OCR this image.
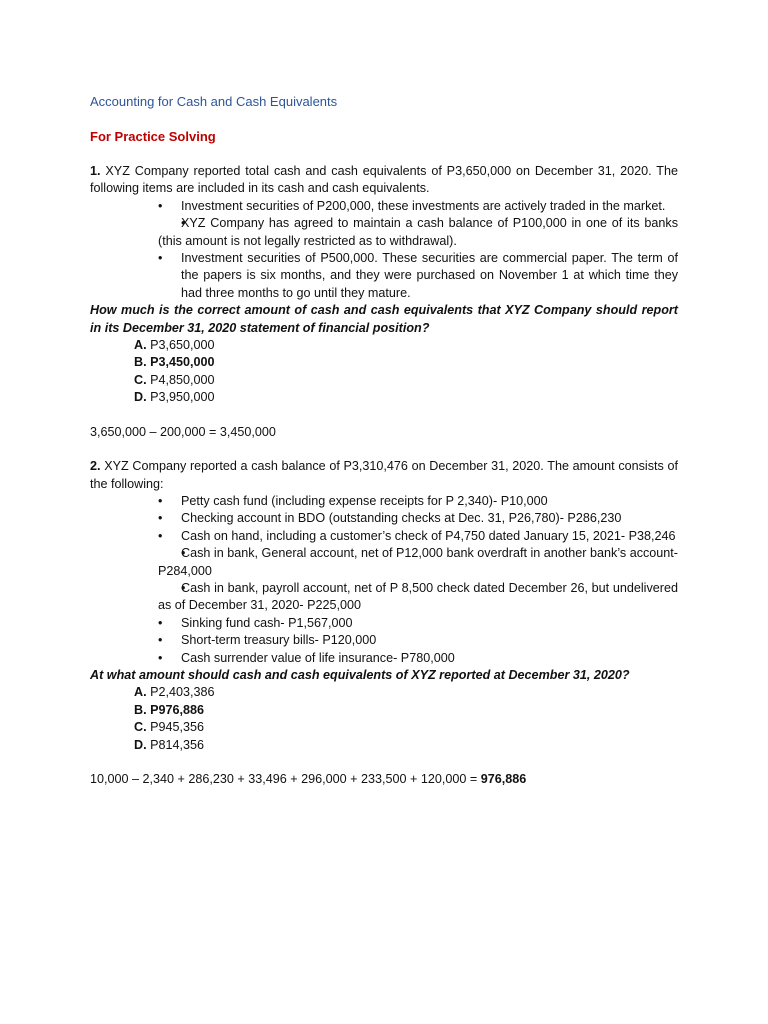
Accounting for Cash and Cash Equivalents
For Practice Solving
1. XYZ Company reported total cash and cash equivalents of P3,650,000 on December 31, 2020. The following items are included in its cash and cash equivalents.
• Investment securities of P200,000, these investments are actively traded in the market.
• XYZ Company has agreed to maintain a cash balance of P100,000 in one of its banks (this amount is not legally restricted as to withdrawal).
• Investment securities of P500,000. These securities are commercial paper. The term of the papers is six months, and they were purchased on November 1 at which time they had three months to go until they mature.
How much is the correct amount of cash and cash equivalents that XYZ Company should report in its December 31, 2020 statement of financial position?
A. P3,650,000
B. P3,450,000
C. P4,850,000
D. P3,950,000
3,650,000 – 200,000 = 3,450,000
2. XYZ Company reported a cash balance of P3,310,476 on December 31, 2020. The amount consists of the following:
• Petty cash fund (including expense receipts for P 2,340)- P10,000
• Checking account in BDO (outstanding checks at Dec. 31, P26,780)- P286,230
• Cash on hand, including a customer’s check of P4,750 dated January 15, 2021- P38,246
• Cash in bank, General account, net of P12,000 bank overdraft in another bank’s account- P284,000
• Cash in bank, payroll account, net of P 8,500 check dated December 26, but undelivered as of December 31, 2020- P225,000
• Sinking fund cash- P1,567,000
• Short-term treasury bills- P120,000
• Cash surrender value of life insurance- P780,000
At what amount should cash and cash equivalents of XYZ reported at December 31, 2020?
A. P2,403,386
B. P976,886
C. P945,356
D. P814,356
10,000 – 2,340 + 286,230 + 33,496 + 296,000 + 233,500 + 120,000 = 976,886
